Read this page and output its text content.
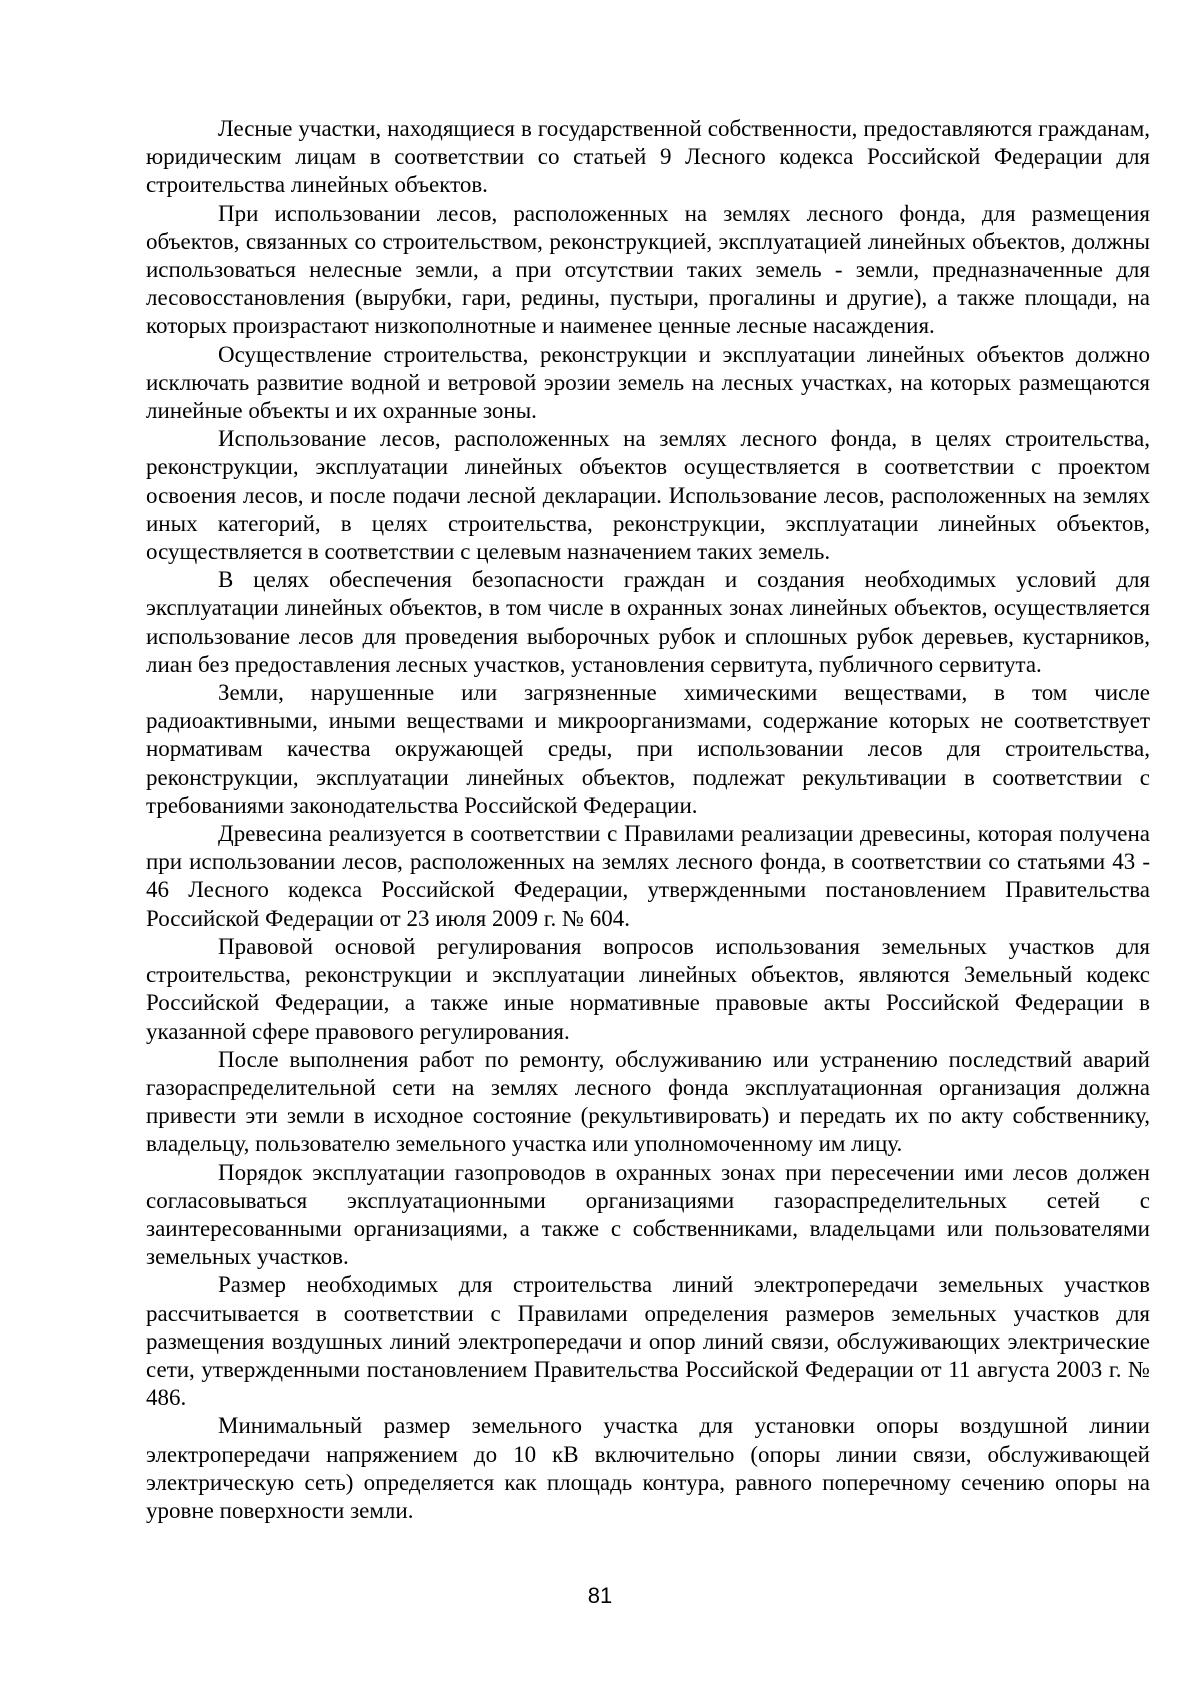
Лесные участки, находящиеся в государственной собственности, предоставляются гражданам, юридическим лицам в соответствии со статьей 9 Лесного кодекса Российской Федерации для строительства линейных объектов.

При использовании лесов, расположенных на землях лесного фонда, для размещения объектов, связанных со строительством, реконструкцией, эксплуатацией линейных объектов, должны использоваться нелесные земли, а при отсутствии таких земель - земли, предназначенные для лесовосстановления (вырубки, гари, редины, пустыри, прогалины и другие), а также площади, на которых произрастают низкополнотные и наименее ценные лесные насаждения.

Осуществление строительства, реконструкции и эксплуатации линейных объектов должно исключать развитие водной и ветровой эрозии земель на лесных участках, на которых размещаются линейные объекты и их охранные зоны.

Использование лесов, расположенных на землях лесного фонда, в целях строительства, реконструкции, эксплуатации линейных объектов осуществляется в соответствии с проектом освоения лесов, и после подачи лесной декларации. Использование лесов, расположенных на землях иных категорий, в целях строительства, реконструкции, эксплуатации линейных объектов, осуществляется в соответствии с целевым назначением таких земель.

В целях обеспечения безопасности граждан и создания необходимых условий для эксплуатации линейных объектов, в том числе в охранных зонах линейных объектов, осуществляется использование лесов для проведения выборочных рубок и сплошных рубок деревьев, кустарников, лиан без предоставления лесных участков, установления сервитута, публичного сервитута.

Земли, нарушенные или загрязненные химическими веществами, в том числе радиоактивными, иными веществами и микроорганизмами, содержание которых не соответствует нормативам качества окружающей среды, при использовании лесов для строительства, реконструкции, эксплуатации линейных объектов, подлежат рекультивации в соответствии с требованиями законодательства Российской Федерации.

Древесина реализуется в соответствии с Правилами реализации древесины, которая получена при использовании лесов, расположенных на землях лесного фонда, в соответствии со статьями 43 - 46 Лесного кодекса Российской Федерации, утвержденными постановлением Правительства Российской Федерации от 23 июля 2009 г. № 604.

Правовой основой регулирования вопросов использования земельных участков для строительства, реконструкции и эксплуатации линейных объектов, являются Земельный кодекс Российской Федерации, а также иные нормативные правовые акты Российской Федерации в указанной сфере правового регулирования.

После выполнения работ по ремонту, обслуживанию или устранению последствий аварий газораспределительной сети на землях лесного фонда эксплуатационная организация должна привести эти земли в исходное состояние (рекультивировать) и передать их по акту собственнику, владельцу, пользователю земельного участка или уполномоченному им лицу.

Порядок эксплуатации газопроводов в охранных зонах при пересечении ими лесов должен согласовываться эксплуатационными организациями газораспределительных сетей с заинтересованными организациями, а также с собственниками, владельцами или пользователями земельных участков.

Размер необходимых для строительства линий электропередачи земельных участков рассчитывается в соответствии с Правилами определения размеров земельных участков для размещения воздушных линий электропередачи и опор линий связи, обслуживающих электрические сети, утвержденными постановлением Правительства Российской Федерации от 11 августа 2003 г. № 486.

Минимальный размер земельного участка для установки опоры воздушной линии электропередачи напряжением до 10 кВ включительно (опоры линии связи, обслуживающей электрическую сеть) определяется как площадь контура, равного поперечному сечению опоры на уровне поверхности земли.

81
